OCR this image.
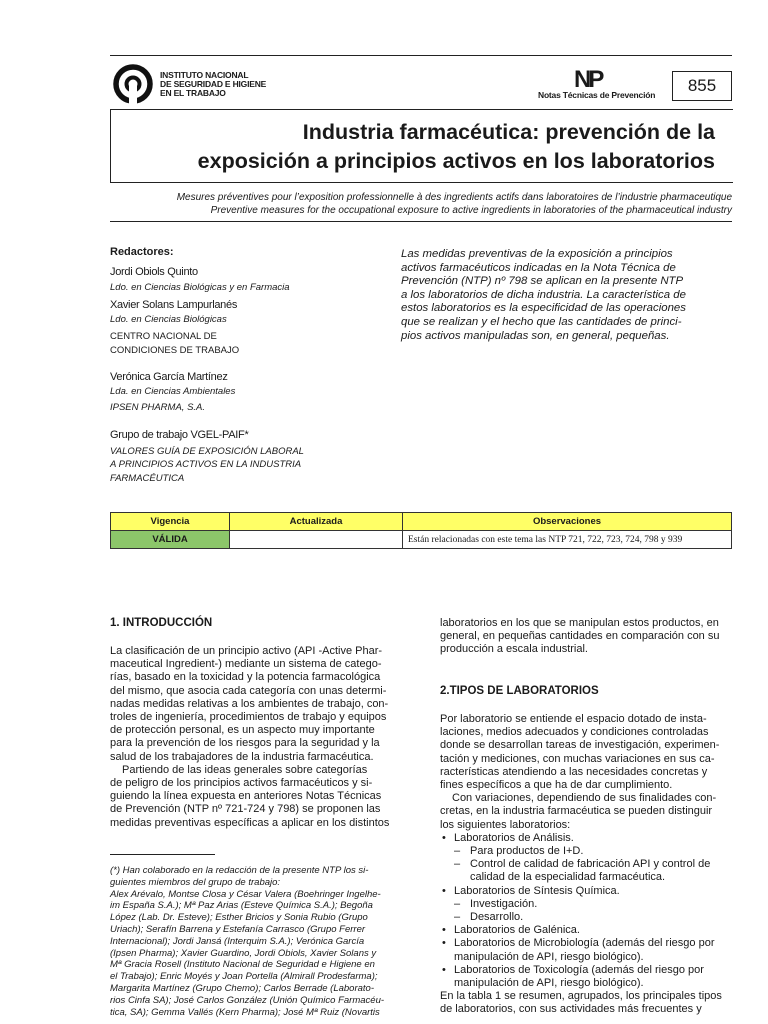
INSTITUTO NACIONAL
DE SEGURIDAD E HIGIENE
EN EL TRABAJO	NP
Notas Técnicas de Prevención	855
Industria farmacéutica: prevención de la
exposición a principios activos en los laboratorios
Mesures préventives pour l’exposition professionnelle à des ingredients actifs dans laboratoires de l’industrie pharmaceutique
Preventive measures for the occupational exposure to active ingredients in laboratories of the pharmaceutical industry
Redactores:
Jordi Obiols Quinto
Ldo. en Ciencias Biológicas y en Farmacia
Xavier Solans Lampurlanés
Ldo. en Ciencias Biológicas
CENTRO NACIONAL DE
CONDICIONES DE TRABAJO
Verónica García Martínez
Lda. en Ciencias Ambientales
IPSEN PHARMA, S.A.
Grupo de trabajo VGEL-PAIF*
VALORES GUÍA DE EXPOSICIÓN LABORAL
A PRINCIPIOS ACTIVOS EN LA INDUSTRIA
FARMACÉUTICA
Las medidas preventivas de la exposición a principios
activos farmacéuticos indicadas en la Nota Técnica de
Prevención (NTP) nº 798 se aplican en la presente NTP
a los laboratorios de dicha industria. La característica de
estos laboratorios es la especificidad de las operaciones
que se realizan y el hecho que las cantidades de princi-
pios activos manipuladas son, en general, pequeñas.
Vigencia	Actualizada	Observaciones
VÁLIDA		Están relacionadas con este tema las NTP 721, 722, 723, 724, 798 y 939
1. INTRODUCCIÓN
La clasificación de un principio activo (API -Active Phar-
maceutical Ingredient-) mediante un sistema de catego-
rías, basado en la toxicidad y la potencia farmacológica
del mismo, que asocia cada categoría con unas determi-
nadas medidas relativas a los ambientes de trabajo, con-
troles de ingeniería, procedimientos de trabajo y equipos
de protección personal, es un aspecto muy importante
para la prevención de los riesgos para la seguridad y la
salud de los trabajadores de la industria farmacéutica.
Partiendo de las ideas generales sobre categorías
de peligro de los principios activos farmacéuticos y si-
guiendo la línea expuesta en anteriores Notas Técnicas
de Prevención (NTP nº 721-724 y 798) se proponen las
medidas preventivas específicas a aplicar en los distintos
(*) Han colaborado en la redacción de la presente NTP los si-
guientes miembros del grupo de trabajo:
Alex Arévalo, Montse Closa y César Valera (Boehringer Ingelhe-
im España S.A.); Mª Paz Arias (Esteve Química S.A.); Begoña
López (Lab. Dr. Esteve); Esther Bricios y Sonia Rubio (Grupo
Uriach); Serafín Barrena y Estefanía Carrasco (Grupo Ferrer
Internacional); Jordi Jansá (Interquim S.A.); Verónica García
(Ipsen Pharma); Xavier Guardino, Jordi Obiols, Xavier Solans y
Mª Gracia Rosell (Instituto Nacional de Seguridad e Higiene en
el Trabajo); Enric Moyés y Joan Portella (Almirall Prodesfarma);
Margarita Martínez (Grupo Chemo); Carlos Berrade (Laborato-
rios Cinfa SA); José Carlos González (Unión Químico Farmacéu-
tica, SA); Gemma Vallés (Kern Pharma); José Mª Ruiz (Novartis
laboratorios en los que se manipulan estos productos, en
general, en pequeñas cantidades en comparación con su
producción a escala industrial.
2.TIPOS DE LABORATORIOS
Por laboratorio se entiende el espacio dotado de insta-
laciones, medios adecuados y condiciones controladas
donde se desarrollan tareas de investigación, experimen-
tación y mediciones, con muchas variaciones en sus ca-
racterísticas atendiendo a las necesidades concretas y
fines específicos a que ha de dar cumplimiento.
Con variaciones, dependiendo de sus finalidades con-
cretas, en la industria farmacéutica se pueden distinguir
los siguientes laboratorios:
• Laboratorios de Análisis.
– Para productos de I+D.
– Control de calidad de fabricación API y control de
calidad de la especialidad farmacéutica.
• Laboratorios de Síntesis Química.
– Investigación.
– Desarrollo.
• Laboratorios de Galénica.
• Laboratorios de Microbiología (además del riesgo por
manipulación de API, riesgo biológico).
• Laboratorios de Toxicología (además del riesgo por
manipulación de API, riesgo biológico).
En la tabla 1 se resumen, agrupados, los principales tipos
de laboratorios, con sus actividades más frecuentes y
